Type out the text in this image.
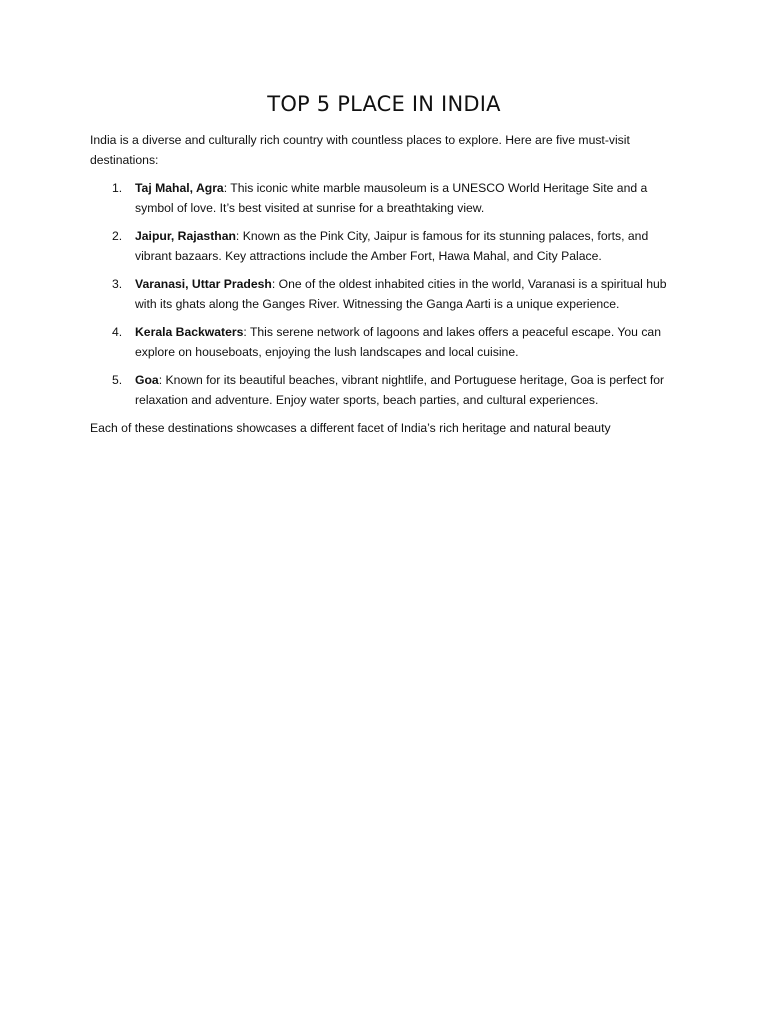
TOP 5 PLACE IN INDIA

India is a diverse and culturally rich country with countless places to explore. Here are five must-visit destinations:

1. Taj Mahal, Agra: This iconic white marble mausoleum is a UNESCO World Heritage Site and a symbol of love. It’s best visited at sunrise for a breathtaking view.
2. Jaipur, Rajasthan: Known as the Pink City, Jaipur is famous for its stunning palaces, forts, and vibrant bazaars. Key attractions include the Amber Fort, Hawa Mahal, and City Palace.
3. Varanasi, Uttar Pradesh: One of the oldest inhabited cities in the world, Varanasi is a spiritual hub with its ghats along the Ganges River. Witnessing the Ganga Aarti is a unique experience.
4. Kerala Backwaters: This serene network of lagoons and lakes offers a peaceful escape. You can explore on houseboats, enjoying the lush landscapes and local cuisine.
5. Goa: Known for its beautiful beaches, vibrant nightlife, and Portuguese heritage, Goa is perfect for relaxation and adventure. Enjoy water sports, beach parties, and cultural experiences.

Each of these destinations showcases a different facet of India’s rich heritage and natural beauty
